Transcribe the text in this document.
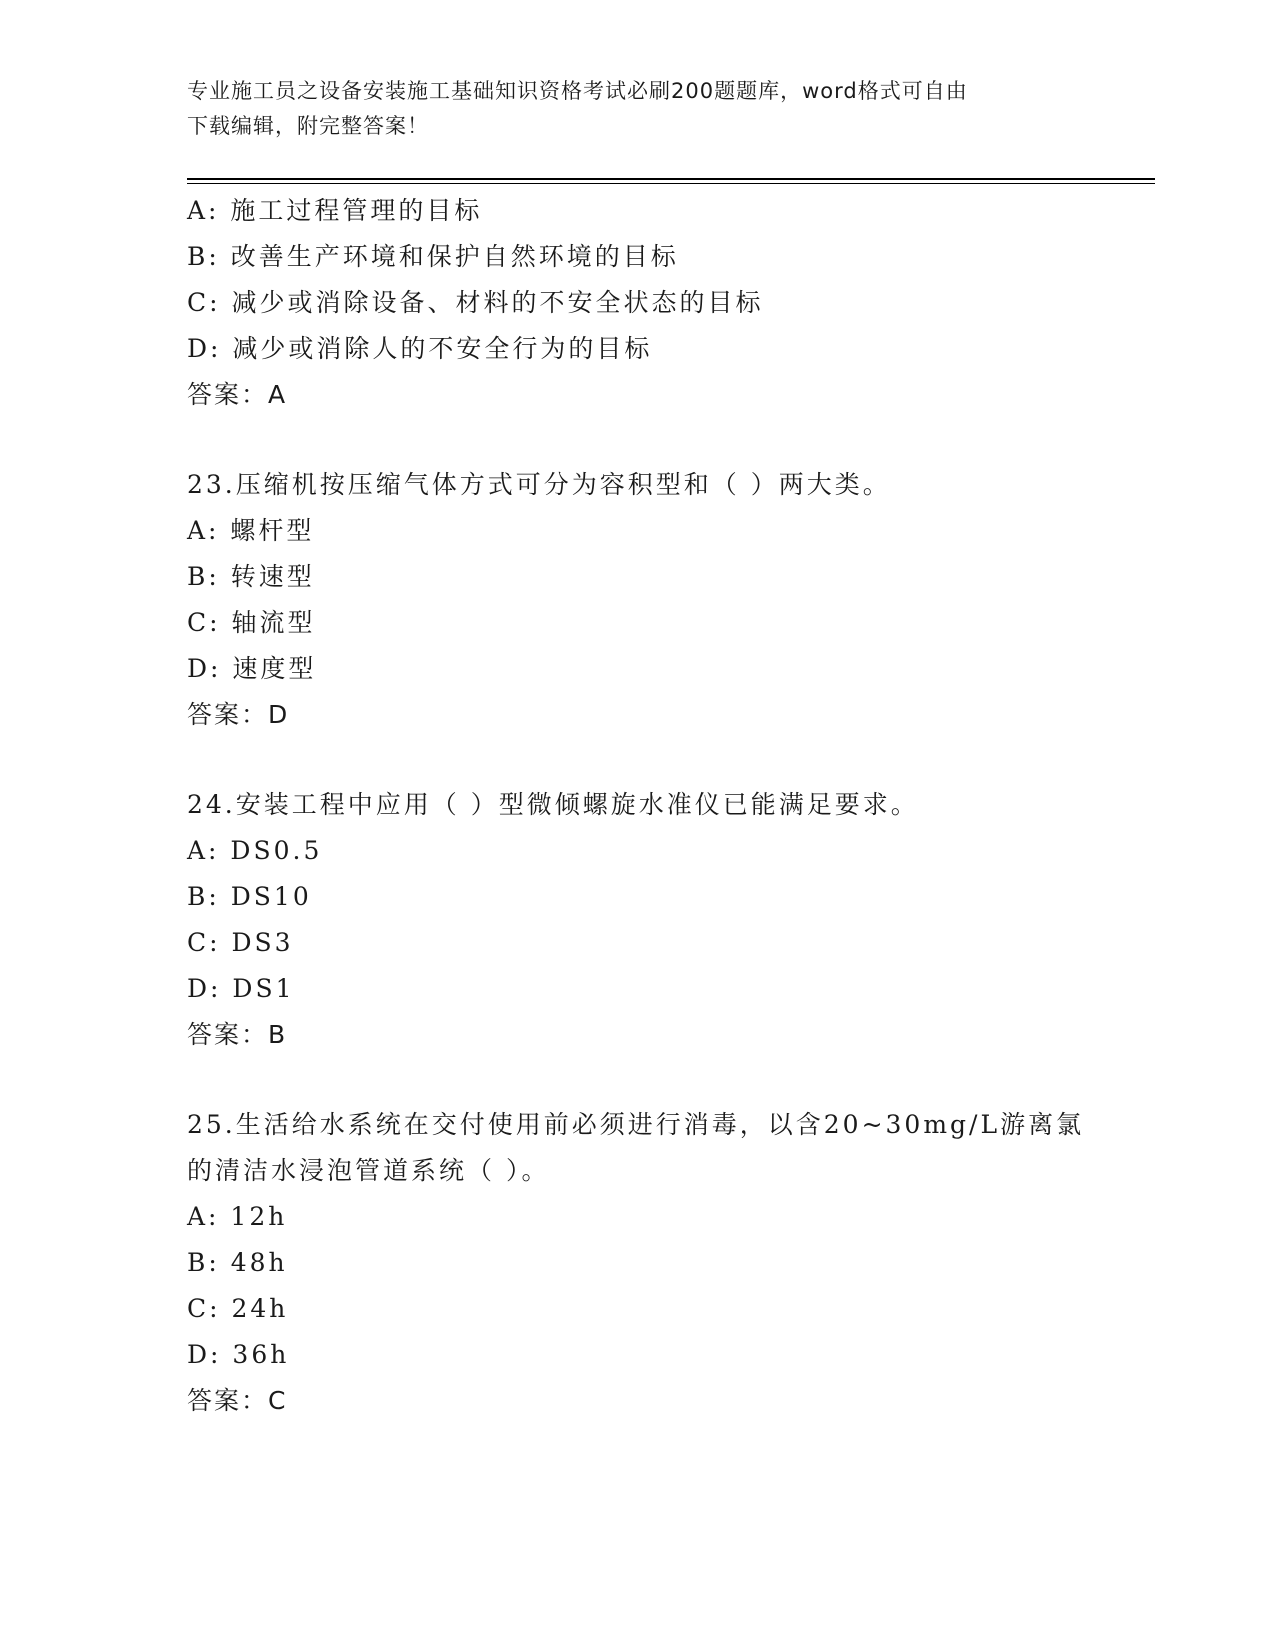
专业施工员之设备安装施工基础知识资格考试必刷200题题库，word格式可自由
下载编辑，附完整答案！
A: 施工过程管理的目标
B: 改善生产环境和保护自然环境的目标
C: 减少或消除设备、材料的不安全状态的目标
D: 减少或消除人的不安全行为的目标
答案：A
23.压缩机按压缩气体方式可分为容积型和（ ）两大类。
A: 螺杆型
B: 转速型
C: 轴流型
D: 速度型
答案：D
24.安装工程中应用（ ）型微倾螺旋水准仪已能满足要求。
A: DS0.5
B: DS10
C: DS3
D: DS1
答案：B
25.生活给水系统在交付使用前必须进行消毒，以含20~30mg/L游离氯
的清洁水浸泡管道系统（ ）。
A: 12h
B: 48h
C: 24h
D: 36h
答案：C
